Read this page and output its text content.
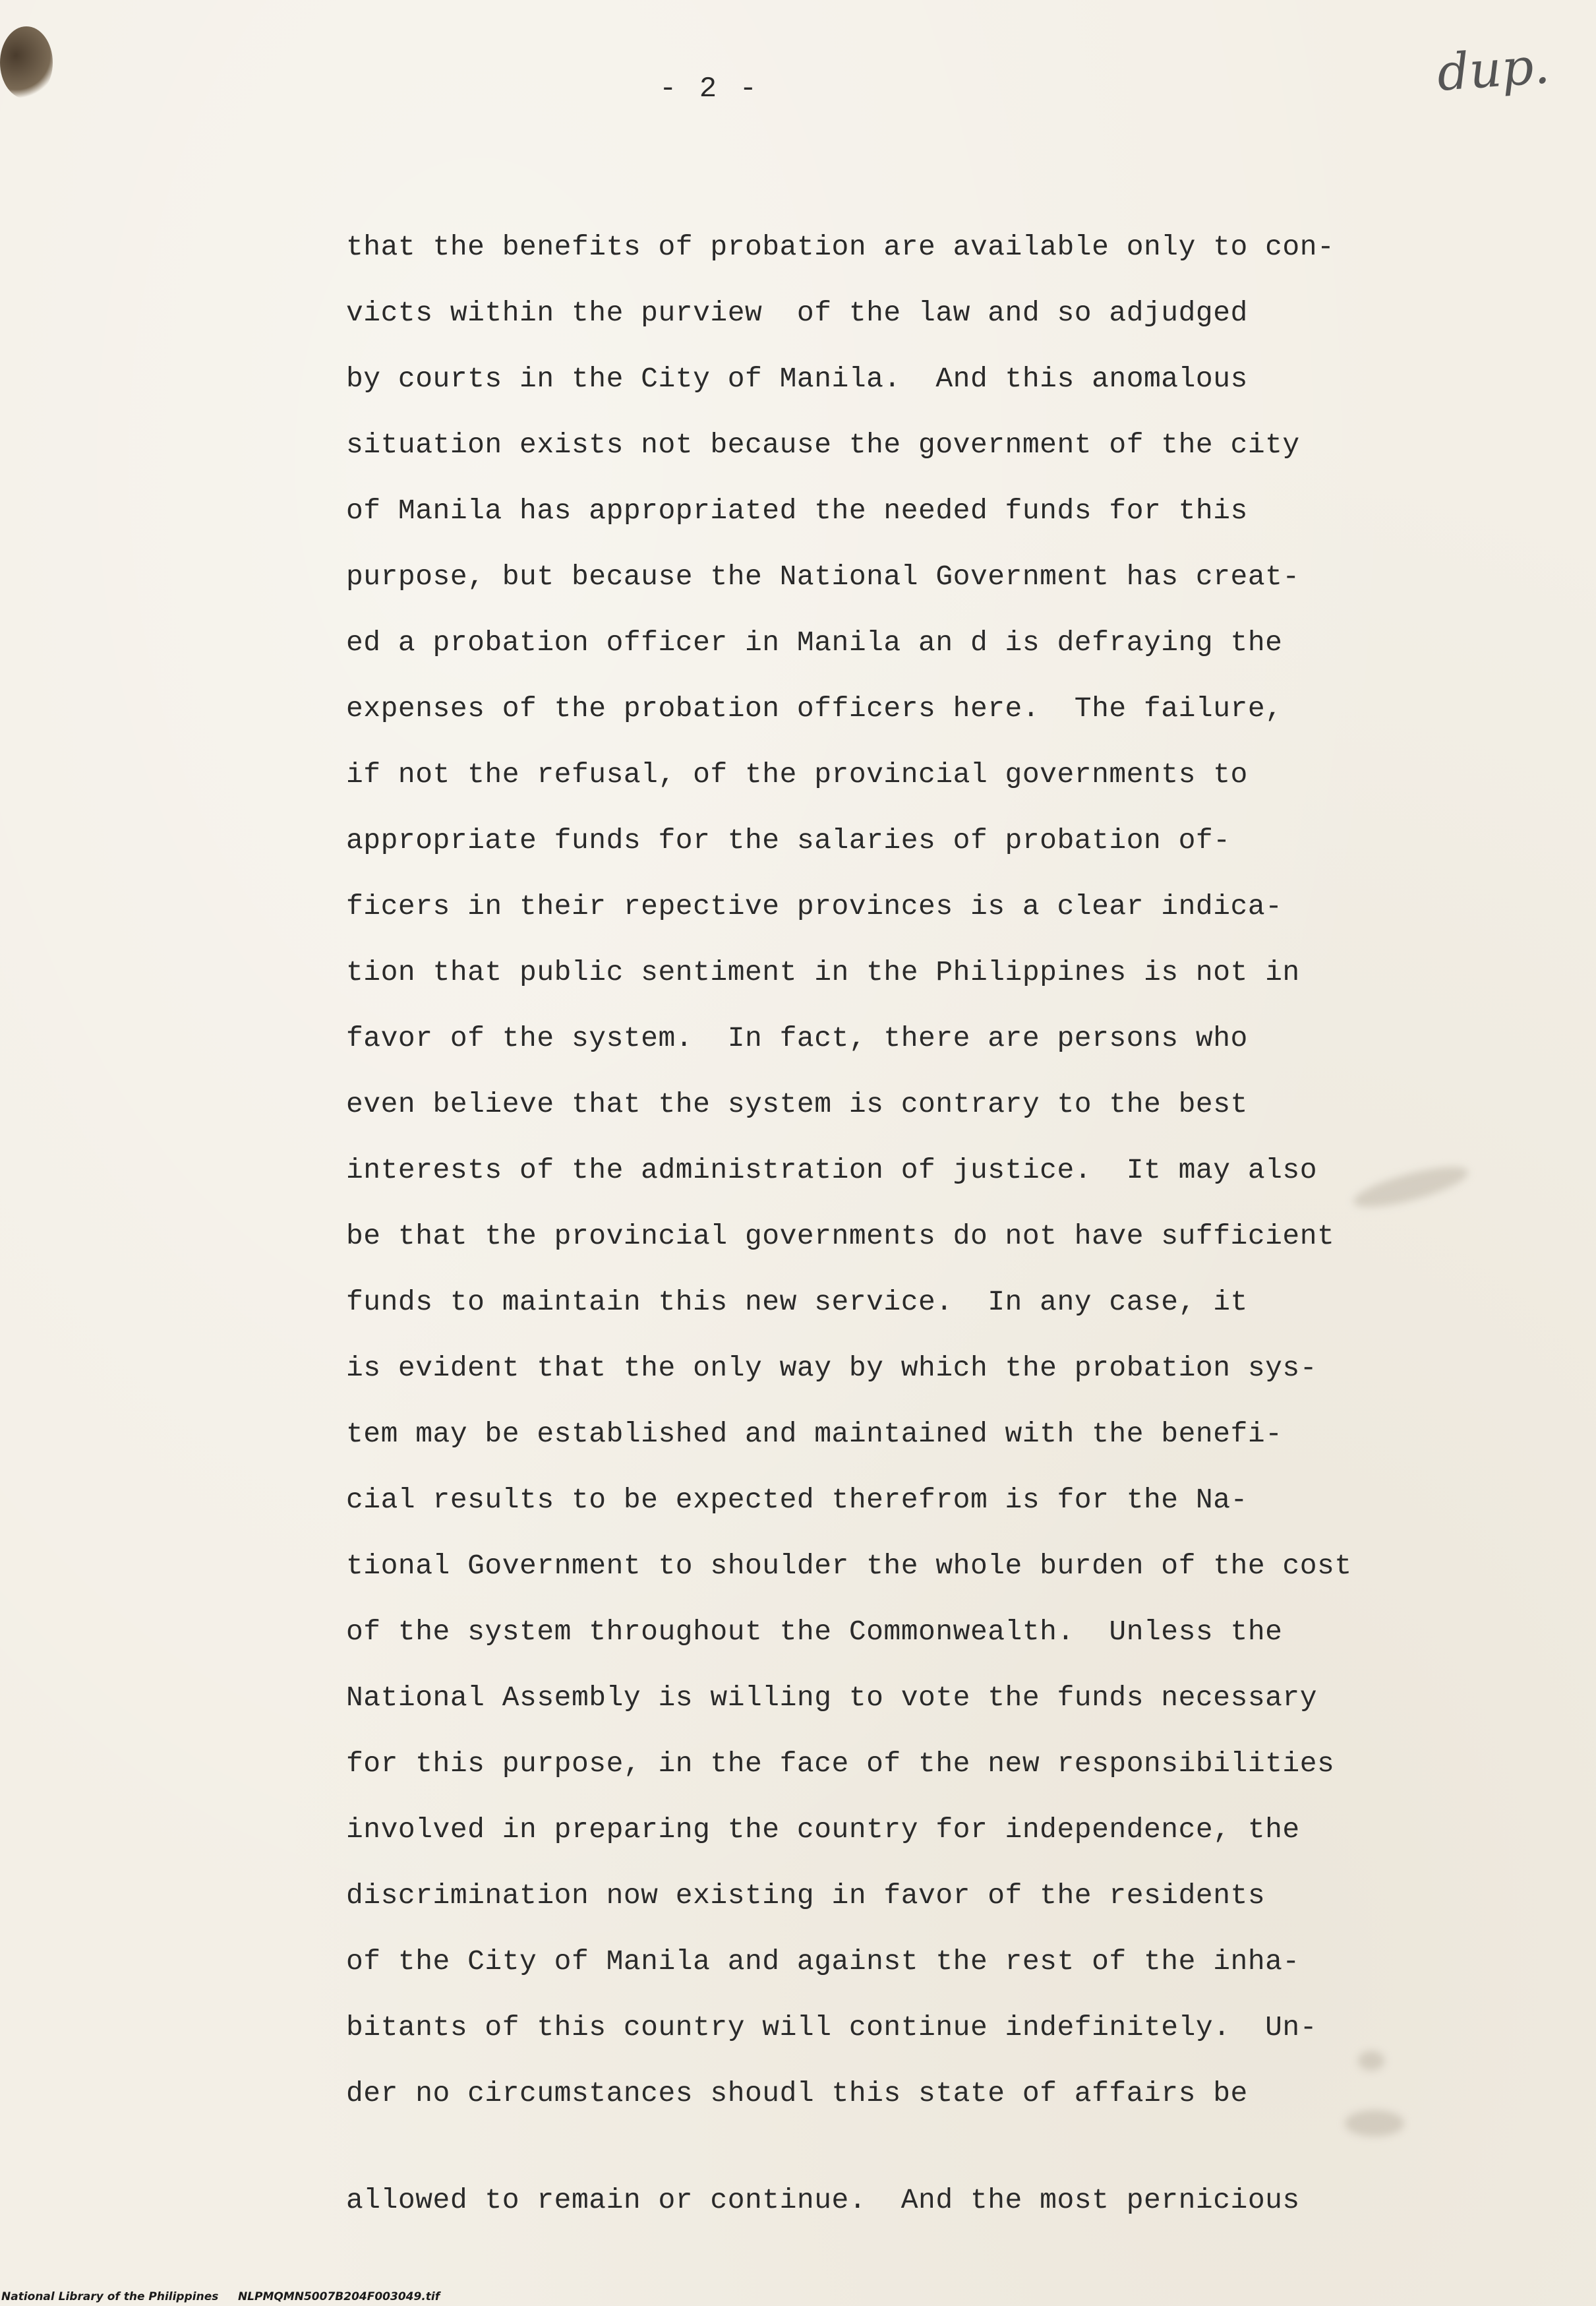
- 2 -	dup.
that the benefits of probation are available only to con-
victs within the purview  of the law and so adjudged
by courts in the City of Manila.  And this anomalous
situation exists not because the government of the city
of Manila has appropriated the needed funds for this
purpose, but because the National Government has creat-
ed a probation officer in Manila an d is defraying the
expenses of the probation officers here.  The failure,
if not the refusal, of the provincial governments to
appropriate funds for the salaries of probation of-
ficers in their repective provinces is a clear indica-
tion that public sentiment in the Philippines is not in
favor of the system.  In fact, there are persons who
even believe that the system is contrary to the best
interests of the administration of justice.  It may also
be that the provincial governments do not have sufficient
funds to maintain this new service.  In any case, it
is evident that the only way by which the probation sys-
tem may be established and maintained with the benefi-
cial results to be expected therefrom is for the Na-
tional Government to shoulder the whole burden of the cost
of the system throughout the Commonwealth.  Unless the
National Assembly is willing to vote the funds necessary
for this purpose, in the face of the new responsibilities
involved in preparing the country for independence, the
discrimination now existing in favor of the residents
of the City of Manila and against the rest of the inha-
bitants of this country will continue indefinitely.  Un-
der no circumstances shoudl this state of affairs be
allowed to remain or continue.  And the most pernicious
National Library of the Philippines     NLPMQMN5007B204F003049.tif
